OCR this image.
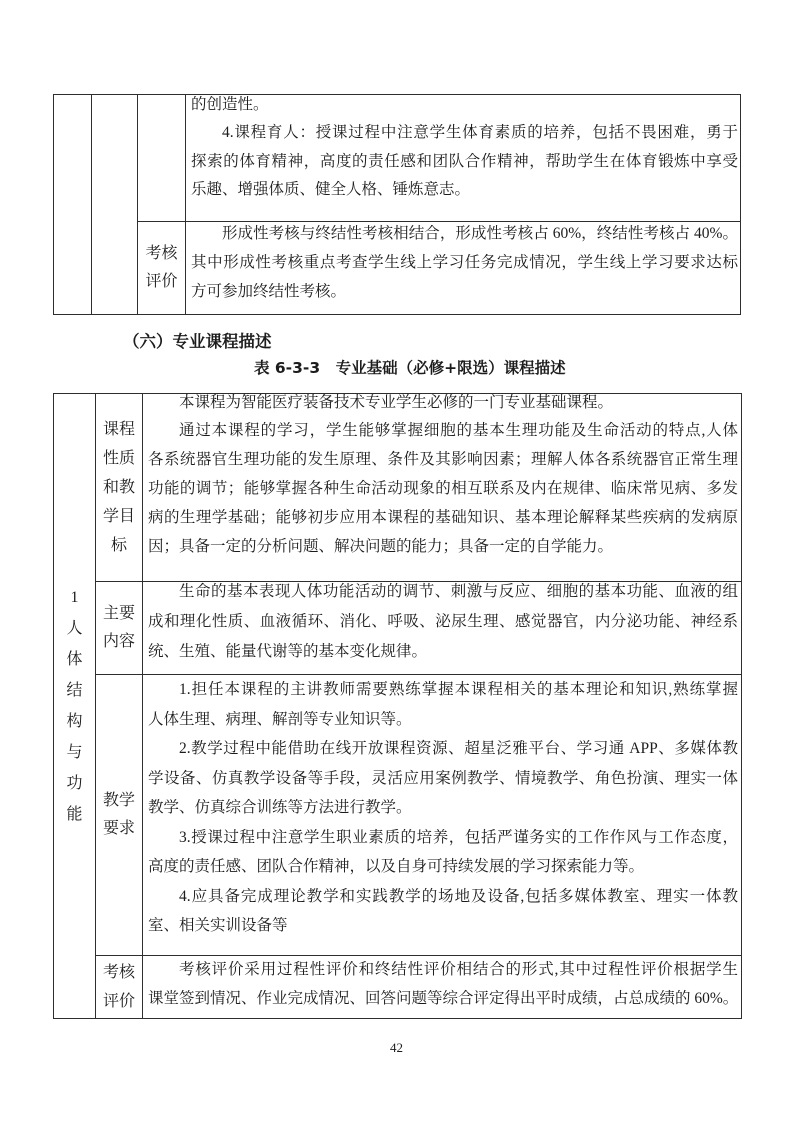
的创造性。
4.课程育人：授课过程中注意学生体育素质的培养，包括不畏困难，勇于
探索的体育精神，高度的责任感和团队合作精神，帮助学生在体育锻炼中享受
乐趣、增强体质、健全人格、锤炼意志。
考核评价
形成性考核与终结性考核相结合，形成性考核占 60%，终结性考核占 40%。
其中形成性考核重点考查学生线上学习任务完成情况，学生线上学习要求达标
方可参加终结性考核。
（六）专业课程描述
表 6-3-3　专业基础（必修+限选）课程描述
1
人体结构与功能
课程性质和教学目标
本课程为智能医疗装备技术专业学生必修的一门专业基础课程。
通过本课程的学习，学生能够掌握细胞的基本生理功能及生命活动的特点,人体
各系统器官生理功能的发生原理、条件及其影响因素；理解人体各系统器官正常生理
功能的调节；能够掌握各种生命活动现象的相互联系及内在规律、临床常见病、多发
病的生理学基础；能够初步应用本课程的基础知识、基本理论解释某些疾病的发病原
因；具备一定的分析问题、解决问题的能力；具备一定的自学能力。
主要内容
生命的基本表现人体功能活动的调节、刺激与反应、细胞的基本功能、血液的组
成和理化性质、血液循环、消化、呼吸、泌尿生理、感觉器官，内分泌功能、神经系
统、生殖、能量代谢等的基本变化规律。
教学要求
1.担任本课程的主讲教师需要熟练掌握本课程相关的基本理论和知识,熟练掌握
人体生理、病理、解剖等专业知识等。
2.教学过程中能借助在线开放课程资源、超星泛雅平台、学习通 APP、多媒体教
学设备、仿真教学设备等手段，灵活应用案例教学、情境教学、角色扮演、理实一体
教学、仿真综合训练等方法进行教学。
3.授课过程中注意学生职业素质的培养，包括严谨务实的工作作风与工作态度，
高度的责任感、团队合作精神，以及自身可持续发展的学习探索能力等。
4.应具备完成理论教学和实践教学的场地及设备,包括多媒体教室、理实一体教
室、相关实训设备等
考核评价
考核评价采用过程性评价和终结性评价相结合的形式,其中过程性评价根据学生
课堂签到情况、作业完成情况、回答问题等综合评定得出平时成绩，占总成绩的 60%。
42
